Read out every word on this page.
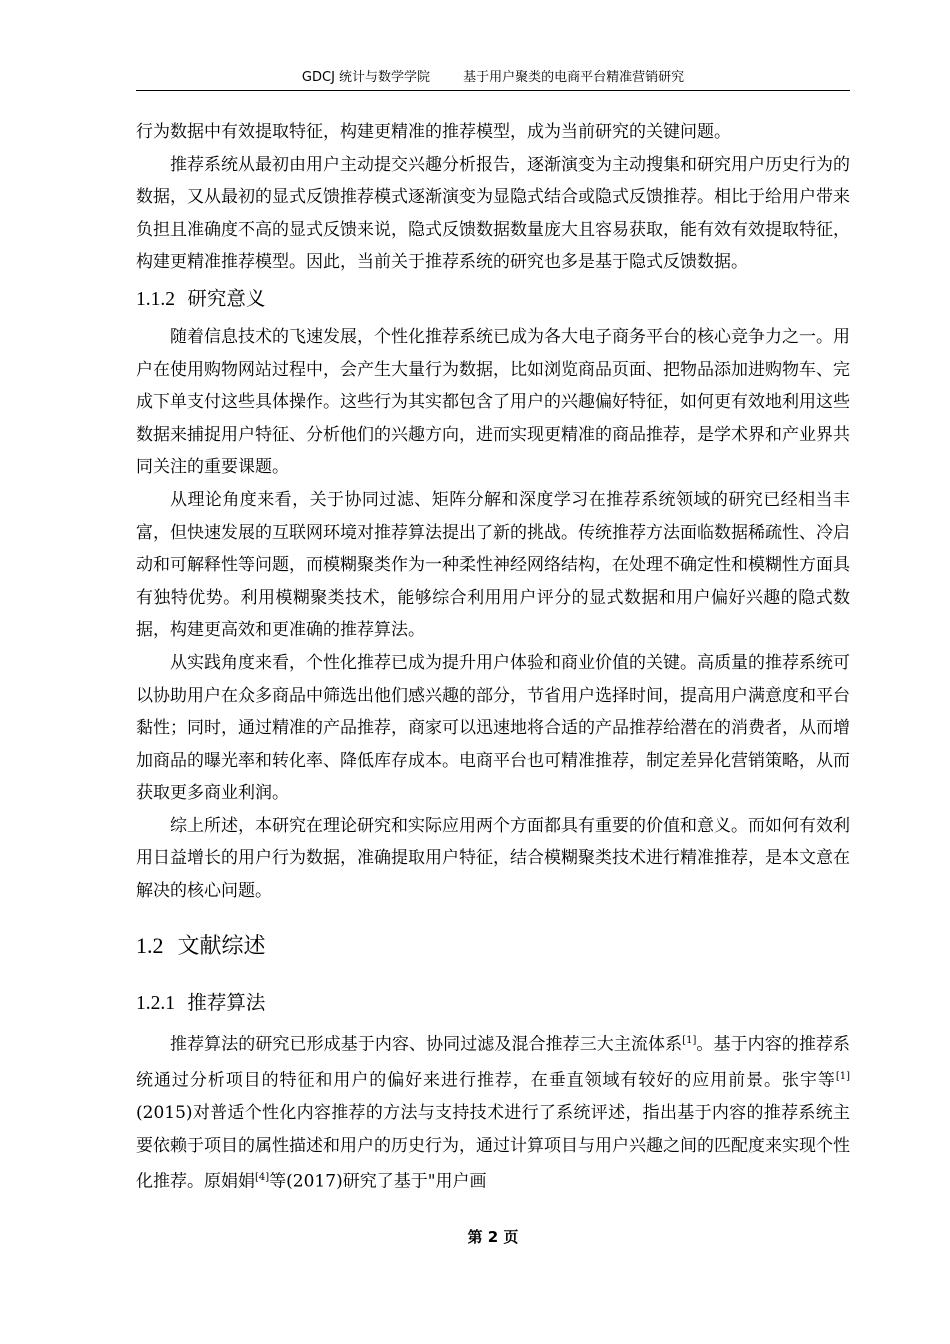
GDCJ 统计与数学学院        基于用户聚类的电商平台精准营销研究

行为数据中有效提取特征，构建更精准的推荐模型，成为当前研究的关键问题。

推荐系统从最初由用户主动提交兴趣分析报告，逐渐演变为主动搜集和研究用户历史行为的数据，又从最初的显式反馈推荐模式逐渐演变为显隐式结合或隐式反馈推荐。相比于给用户带来负担且准确度不高的显式反馈来说，隐式反馈数据数量庞大且容易获取，能有效有效提取特征，构建更精准推荐模型。因此，当前关于推荐系统的研究也多是基于隐式反馈数据。

1.1.2 研究意义

随着信息技术的飞速发展，个性化推荐系统已成为各大电子商务平台的核心竞争力之一。用户在使用购物网站过程中，会产生大量行为数据，比如浏览商品页面、把物品添加进购物车、完成下单支付这些具体操作。这些行为其实都包含了用户的兴趣偏好特征，如何更有效地利用这些数据来捕捉用户特征、分析他们的兴趣方向，进而实现更精准的商品推荐，是学术界和产业界共同关注的重要课题。

从理论角度来看，关于协同过滤、矩阵分解和深度学习在推荐系统领域的研究已经相当丰富，但快速发展的互联网环境对推荐算法提出了新的挑战。传统推荐方法面临数据稀疏性、冷启动和可解释性等问题，而模糊聚类作为一种柔性神经网络结构，在处理不确定性和模糊性方面具有独特优势。利用模糊聚类技术，能够综合利用用户评分的显式数据和用户偏好兴趣的隐式数据，构建更高效和更准确的推荐算法。

从实践角度来看，个性化推荐已成为提升用户体验和商业价值的关键。高质量的推荐系统可以协助用户在众多商品中筛选出他们感兴趣的部分，节省用户选择时间，提高用户满意度和平台黏性；同时，通过精准的产品推荐，商家可以迅速地将合适的产品推荐给潜在的消费者，从而增加商品的曝光率和转化率、降低库存成本。电商平台也可精准推荐，制定差异化营销策略，从而获取更多商业利润。

综上所述，本研究在理论研究和实际应用两个方面都具有重要的价值和意义。而如何有效利用日益增长的用户行为数据，准确提取用户特征，结合模糊聚类技术进行精准推荐，是本文意在解决的核心问题。

1.2 文献综述
1.2.1 推荐算法

推荐算法的研究已形成基于内容、协同过滤及混合推荐三大主流体系[1]。基于内容的推荐系统通过分析项目的特征和用户的偏好来进行推荐，在垂直领域有较好的应用前景。张宇等[1](2015)对普适个性化内容推荐的方法与支持技术进行了系统评述，指出基于内容的推荐系统主要依赖于项目的属性描述和用户的历史行为，通过计算项目与用户兴趣之间的匹配度来实现个性化推荐。原娟娟[4]等(2017)研究了基于"用户画

第 2 页
